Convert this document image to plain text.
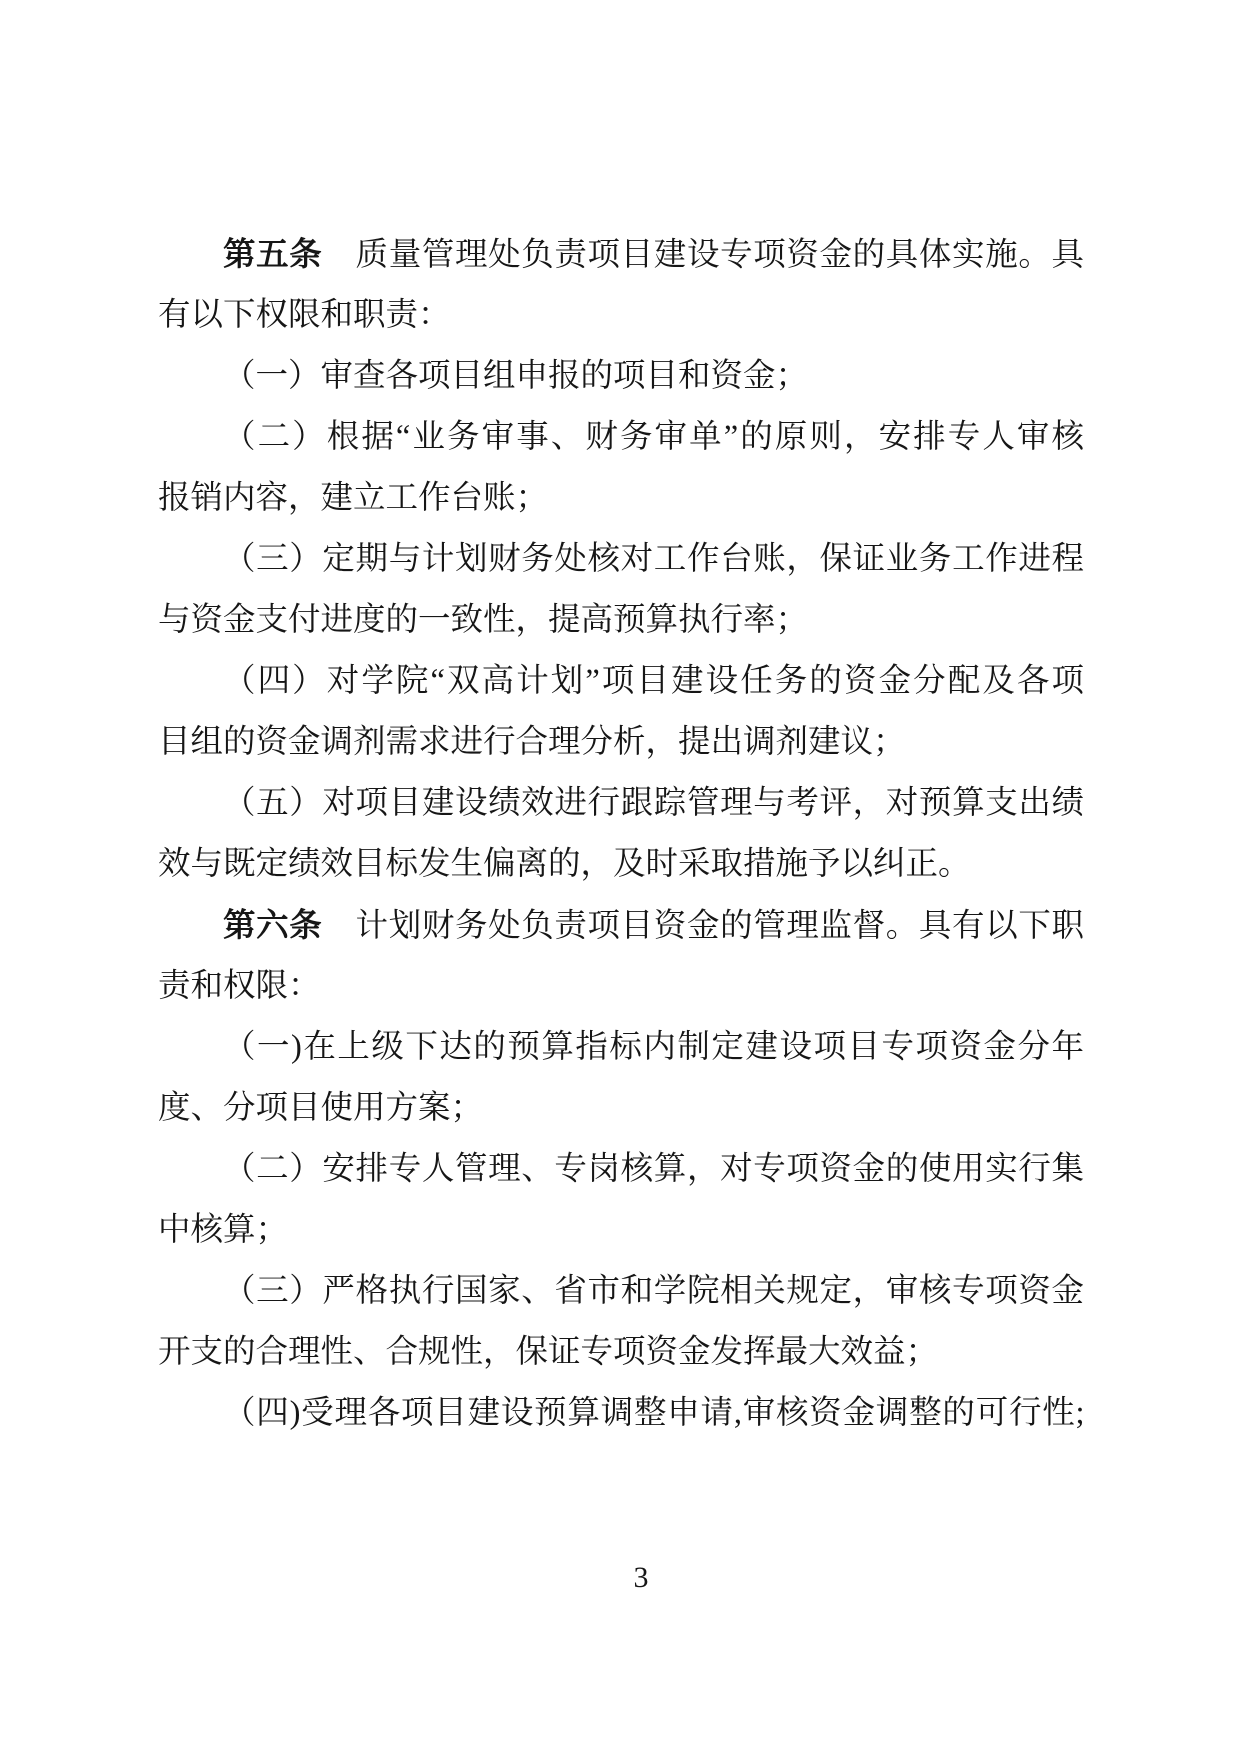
第五条　质量管理处负责项目建设专项资金的具体实施。具
有以下权限和职责：
（一）审查各项目组申报的项目和资金；
（二）根据“业务审事、财务审单”的原则，安排专人审核
报销内容，建立工作台账；
（三）定期与计划财务处核对工作台账，保证业务工作进程
与资金支付进度的一致性，提高预算执行率；
（四）对学院“双高计划”项目建设任务的资金分配及各项
目组的资金调剂需求进行合理分析，提出调剂建议；
（五）对项目建设绩效进行跟踪管理与考评，对预算支出绩
效与既定绩效目标发生偏离的，及时采取措施予以纠正。
第六条　计划财务处负责项目资金的管理监督。具有以下职
责和权限：
（一)在上级下达的预算指标内制定建设项目专项资金分年
度、分项目使用方案；
（二）安排专人管理、专岗核算，对专项资金的使用实行集
中核算；
（三）严格执行国家、省市和学院相关规定，审核专项资金
开支的合理性、合规性，保证专项资金发挥最大效益；
（四)受理各项目建设预算调整申请,审核资金调整的可行性;
3
